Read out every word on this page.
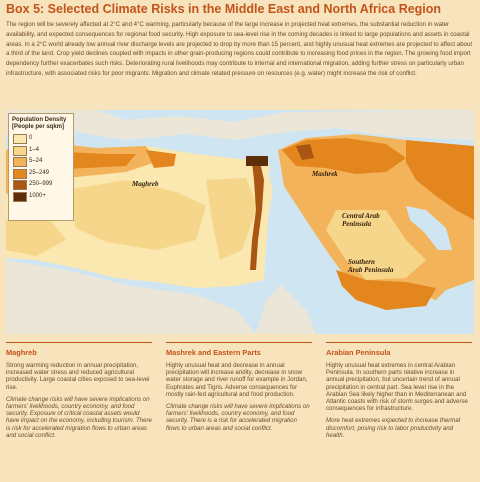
Box 5: Selected Climate Risks in the Middle East and North Africa Region
The region will be severely affected at 2°C and 4°C warming, particularly because of the large increase in projected heat extremes, the substantial reduction in water availability, and expected consequences for regional food security. High exposure to sea-level rise in the coming decades is linked to large populations and assets in coastal areas. In a 2°C world already low annual river discharge levels are projected to drop by more than 15 percent, and highly unusual heat extremes are projected to affect about a third of the land. Crop yield declines coupled with impacts in other grain-producing regions could contribute to increasing food prices in the region. The growing food import dependency further exacerbates such risks. Deteriorating rural livelihoods may contribute to internal and international migration, adding further stress on particularly urban infrastructure, with associated risks for poor migrants. Migration and climate related pressure on resources (e.g. water) might increase the risk of conflict.
Population Density
[People per sqkm]
0
1–4
5–24
25–249
250–999
1000+
Maghreb
Mashrek
Central Arab
Peninsula
Southern
Arab Peninsula
Maghreb

Strong warming reduction in annual precipitation, increased water stress and reduced agricultural productivity. Large coastal cities exposed to sea-level rise.

Climate change risks will have severe implications on farmers' livelihoods, country economy, and food security. Exposure of critical coastal assets would have impact on the economy, including tourism. There is risk for accelerated migration flows to urban areas and social conflict.

Mashrek and Eastern Parts

Highly unusual heat and decrease in annual precipitation will increase aridity, decrease in snow water storage and river runoff for example in Jordan, Euphrates and Tigris. Adverse consequences for mostly rain-fed agricultural and food production.

Climate change risks will have severe implications on farmers' livelihoods, country economy, and food security. There is a risk for accelerated migration flows to urban areas and social conflict.

Arabian Peninsula

Highly unusual heat extremes in central Arabian Peninsula. In southern parts relative increase in annual precipitation, but uncertain trend of annual precipitation in central part. Sea level rise in the Arabian Sea likely higher than in Mediterranean and Atlantic coasts with risk of storm surges and adverse consequences for infrastructure.

More heat extremes expected to increase thermal discomfort, posing risk to labor productivity and health.
